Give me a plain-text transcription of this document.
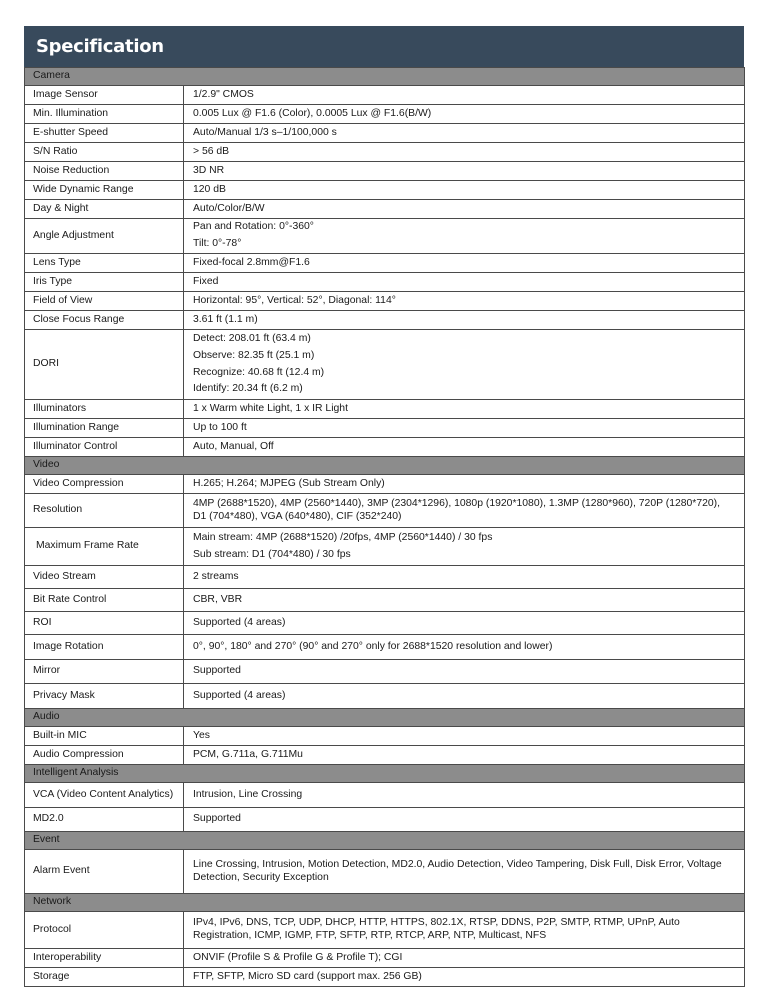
Specification
Camera	
Image Sensor	1/2.9" CMOS

Min. Illumination	0.005 Lux @ F1.6 (Color), 0.0005 Lux @ F1.6(B/W)

E-shutter Speed	Auto/Manual 1/3 s–1/100,000 s

S/N Ratio	> 56 dB

Noise Reduction	3D NR

Wide Dynamic Range	120 dB

Day & Night	Auto/Color/B/W

Angle Adjustment	Pan and Rotation: 0°-360°
Tilt: 0°-78°

Lens Type	Fixed-focal 2.8mm@F1.6

Iris Type	Fixed

Field of View	Horizontal: 95°, Vertical: 52°, Diagonal: 114°

Close Focus Range	3.61 ft (1.1 m)

DORI	Detect: 208.01 ft (63.4 m)
Observe: 82.35 ft (25.1 m)
Recognize: 40.68 ft (12.4 m)
Identify: 20.34 ft (6.2 m)

Illuminators	1 x Warm white Light, 1 x IR Light

Illumination Range	Up to 100 ft

Illuminator Control	Auto, Manual, Off

Video	
Video Compression	H.265; H.264; MJPEG (Sub Stream Only)

Resolution	4MP (2688*1520), 4MP (2560*1440), 3MP (2304*1296), 1080p (1920*1080), 1.3MP (1280*960), 720P (1280*720), D1 (704*480), VGA (640*480), CIF (352*240)

Maximum Frame Rate	Main stream: 4MP (2688*1520) /20fps, 4MP (2560*1440) / 30 fps
Sub stream: D1 (704*480) / 30 fps

Video Stream	2 streams

Bit Rate Control	CBR, VBR

ROI	Supported (4 areas)

Image Rotation	0°, 90°, 180° and 270° (90° and 270° only for 2688*1520 resolution and lower)

Mirror	Supported

Privacy Mask	Supported (4 areas)

Audio	
Built-in MIC	Yes

Audio Compression	PCM, G.711a, G.711Mu

Intelligent Analysis	
VCA (Video Content Analytics)	Intrusion, Line Crossing

MD2.0	Supported

Event	
Alarm Event	Line Crossing, Intrusion, Motion Detection, MD2.0, Audio Detection, Video Tampering, Disk Full, Disk Error, Voltage Detection, Security Exception

Network	
Protocol	IPv4, IPv6, DNS, TCP, UDP, DHCP, HTTP, HTTPS, 802.1X, RTSP, DDNS, P2P, SMTP, RTMP, UPnP, Auto Registration, ICMP, IGMP, FTP, SFTP, RTP, RTCP, ARP, NTP, Multicast, NFS

Interoperability	ONVIF (Profile S & Profile G & Profile T); CGI

Storage	FTP, SFTP, Micro SD card (support max. 256 GB)
